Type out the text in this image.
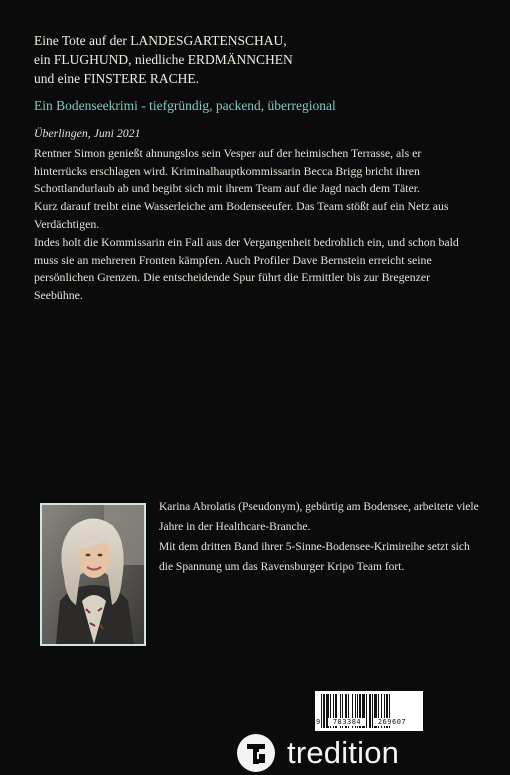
Eine Tote auf der LANDESGARTENSCHAU,
ein FLUGHUND, niedliche ERDMÄNNCHEN
und eine FINSTERE RACHE.
Ein Bodenseekrimi - tiefgründig, packend, überregional
Überlingen, Juni 2021

Rentner Simon genießt ahnungslos sein Vesper auf der heimischen Terrasse, als er hinterrücks erschlagen wird. Kriminalhauptkommissarin Becca Brigg bricht ihren Schottlandurlaub ab und begibt sich mit ihrem Team auf die Jagd nach dem Täter.

Kurz darauf treibt eine Wasserleiche am Bodenseeufer. Das Team stößt auf ein Netz aus Verdächtigen.

Indes holt die Kommissarin ein Fall aus der Vergangenheit bedrohlich ein, und schon bald muss sie an mehreren Fronten kämpfen. Auch Profiler Dave Bernstein erreicht seine persönlichen Grenzen. Die entscheidende Spur führt die Ermittler bis zur Bregenzer Seebühne.

Karina Abrolatis (Pseudonym), gebürtig am Bodensee, arbeitete viele Jahre in der Healthcare-Branche.

Mit dem dritten Band ihrer 5-Sinne-Bodensee-Krimireihe setzt sich die Spannung um das Ravensburger Kripo Team fort.

9	783384	269607
tredition
